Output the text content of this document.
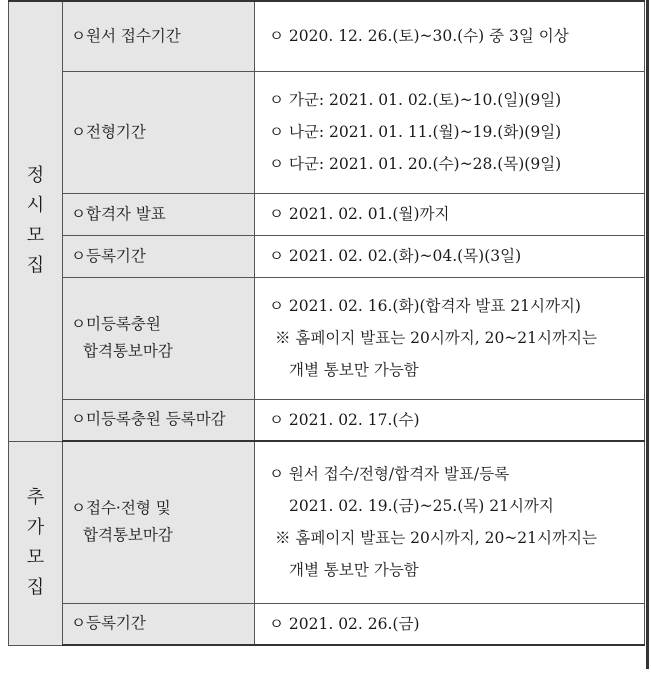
정
시
모
집	ㅇ원서 접수기간	ㅇ 2020. 12. 26.(토)~30.(수) 중 3일 이상

	ㅇ전형기간	ㅇ 가군: 2021. 01. 02.(토)~10.(일)(9일)
ㅇ 나군: 2021. 01. 11.(월)~19.(화)(9일)
ㅇ 다군: 2021. 01. 20.(수)~28.(목)(9일)

	ㅇ합격자 발표	ㅇ 2021. 02. 01.(월)까지

	ㅇ등록기간	ㅇ 2021. 02. 02.(화)~04.(목)(3일)

	ㅇ미등록충원
합격통보마감	ㅇ 2021. 02. 16.(화)(합격자 발표 21시까지)
※ 홈페이지 발표는 20시까지, 20~21시까지는
개별 통보만 가능함

	ㅇ미등록충원 등록마감	ㅇ 2021. 02. 17.(수)

추
가
모
집	ㅇ접수·전형 및
합격통보마감	ㅇ 원서 접수/전형/합격자 발표/등록
2021. 02. 19.(금)~25.(목) 21시까지
※ 홈페이지 발표는 20시까지, 20~21시까지는
개별 통보만 가능함

	ㅇ등록기간	ㅇ 2021. 02. 26.(금)
